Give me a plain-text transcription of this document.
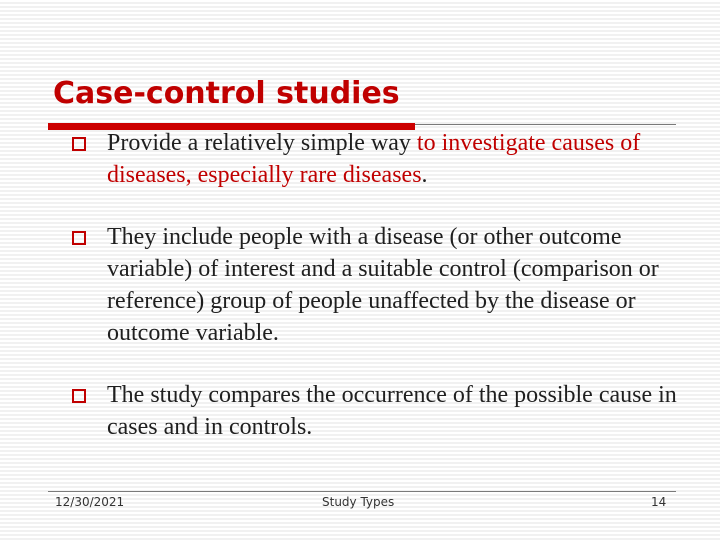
Case-control studies
Provide a relatively simple way to investigate causes of diseases, especially rare diseases.
They include people with a disease (or other outcome variable) of interest and a suitable control (comparison or reference) group of people unaffected by the disease or outcome variable.
The study compares the occurrence of the possible cause in cases and in controls.
12/30/2021	Study Types	14
